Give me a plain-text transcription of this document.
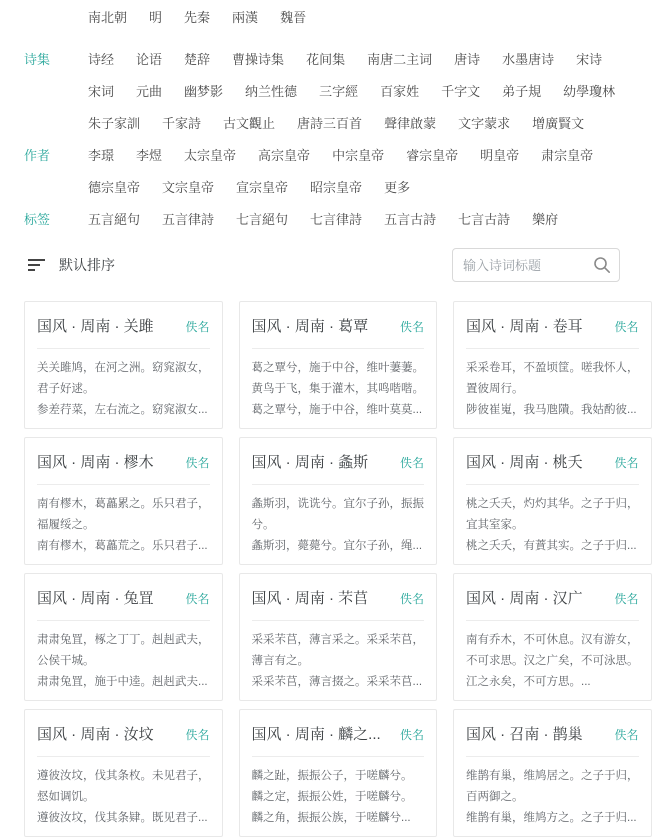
南北朝 明 先秦 兩漢 魏晉
诗集	诗经 论语 楚辞 曹操诗集 花间集 南唐二主词 唐诗 水墨唐诗 宋诗
宋词 元曲 幽梦影 纳兰性德 三字經 百家姓 千字文 弟子規 幼學瓊林
朱子家訓 千家詩 古文觀止 唐詩三百首 聲律啟蒙 文字蒙求 增廣賢文
作者	李璟 李煜 太宗皇帝 高宗皇帝 中宗皇帝 睿宗皇帝 明皇帝 肃宗皇帝
德宗皇帝 文宗皇帝 宣宗皇帝 昭宗皇帝 更多
标签	五言絕句 五言律詩 七言絕句 七言律詩 五言古詩 七言古詩 樂府
默认排序
输入诗词标题
国风 · 周南 · 关雎	佚名
关关雎鸠，在河之洲。窈窕淑女，
君子好逑。
参差荇菜，左右流之。窈窕淑女...
国风 · 周南 · 葛覃	佚名
葛之覃兮，施于中谷，维叶萋萋。
黄鸟于飞，集于灌木，其鸣喈喈。
葛之覃兮，施于中谷，维叶莫莫...
国风 · 周南 · 卷耳	佚名
采采卷耳，不盈顷筐。嗟我怀人，
置彼周行。
陟彼崔嵬，我马虺隤。我姑酌彼...
国风 · 周南 · 樛木	佚名
南有樛木，葛藟累之。乐只君子，
福履绥之。
南有樛木，葛藟荒之。乐只君子...
国风 · 周南 · 螽斯	佚名
螽斯羽，诜诜兮。宜尔子孙，振振
兮。
螽斯羽，薨薨兮。宜尔子孙，绳...
国风 · 周南 · 桃夭	佚名
桃之夭夭，灼灼其华。之子于归，
宜其室家。
桃之夭夭，有蕡其实。之子于归...
国风 · 周南 · 兔罝	佚名
肃肃兔罝，椓之丁丁。赳赳武夫，
公侯干城。
肃肃兔罝，施于中逵。赳赳武夫...
国风 · 周南 · 芣苢	佚名
采采芣苢，薄言采之。采采芣苢，
薄言有之。
采采芣苢，薄言掇之。采采芣苢...
国风 · 周南 · 汉广	佚名
南有乔木，不可休息。汉有游女，
不可求思。汉之广矣，不可泳思。
江之永矣，不可方思。...
国风 · 周南 · 汝坟	佚名
遵彼汝坟，伐其条枚。未见君子，
惄如调饥。
遵彼汝坟，伐其条肄。既见君子...
国风 · 周南 · 麟之...	佚名
麟之趾，振振公子，于嗟麟兮。
麟之定，振振公姓，于嗟麟兮。
麟之角，振振公族，于嗟麟兮...
国风 · 召南 · 鹊巢	佚名
维鹊有巢，维鸠居之。之子于归，
百两御之。
维鹊有巢，维鸠方之。之子于归...
